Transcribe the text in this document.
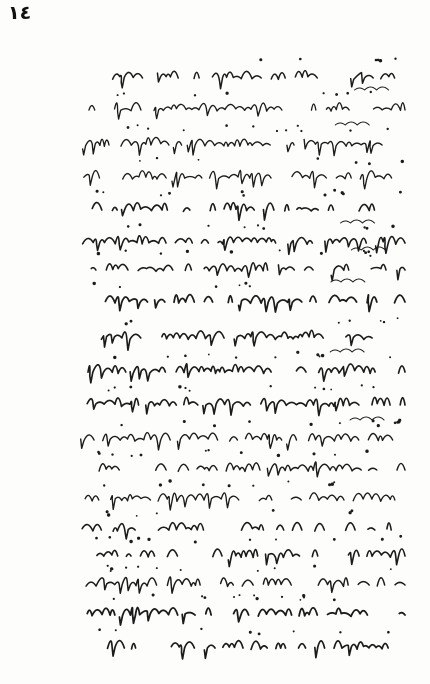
١٤
